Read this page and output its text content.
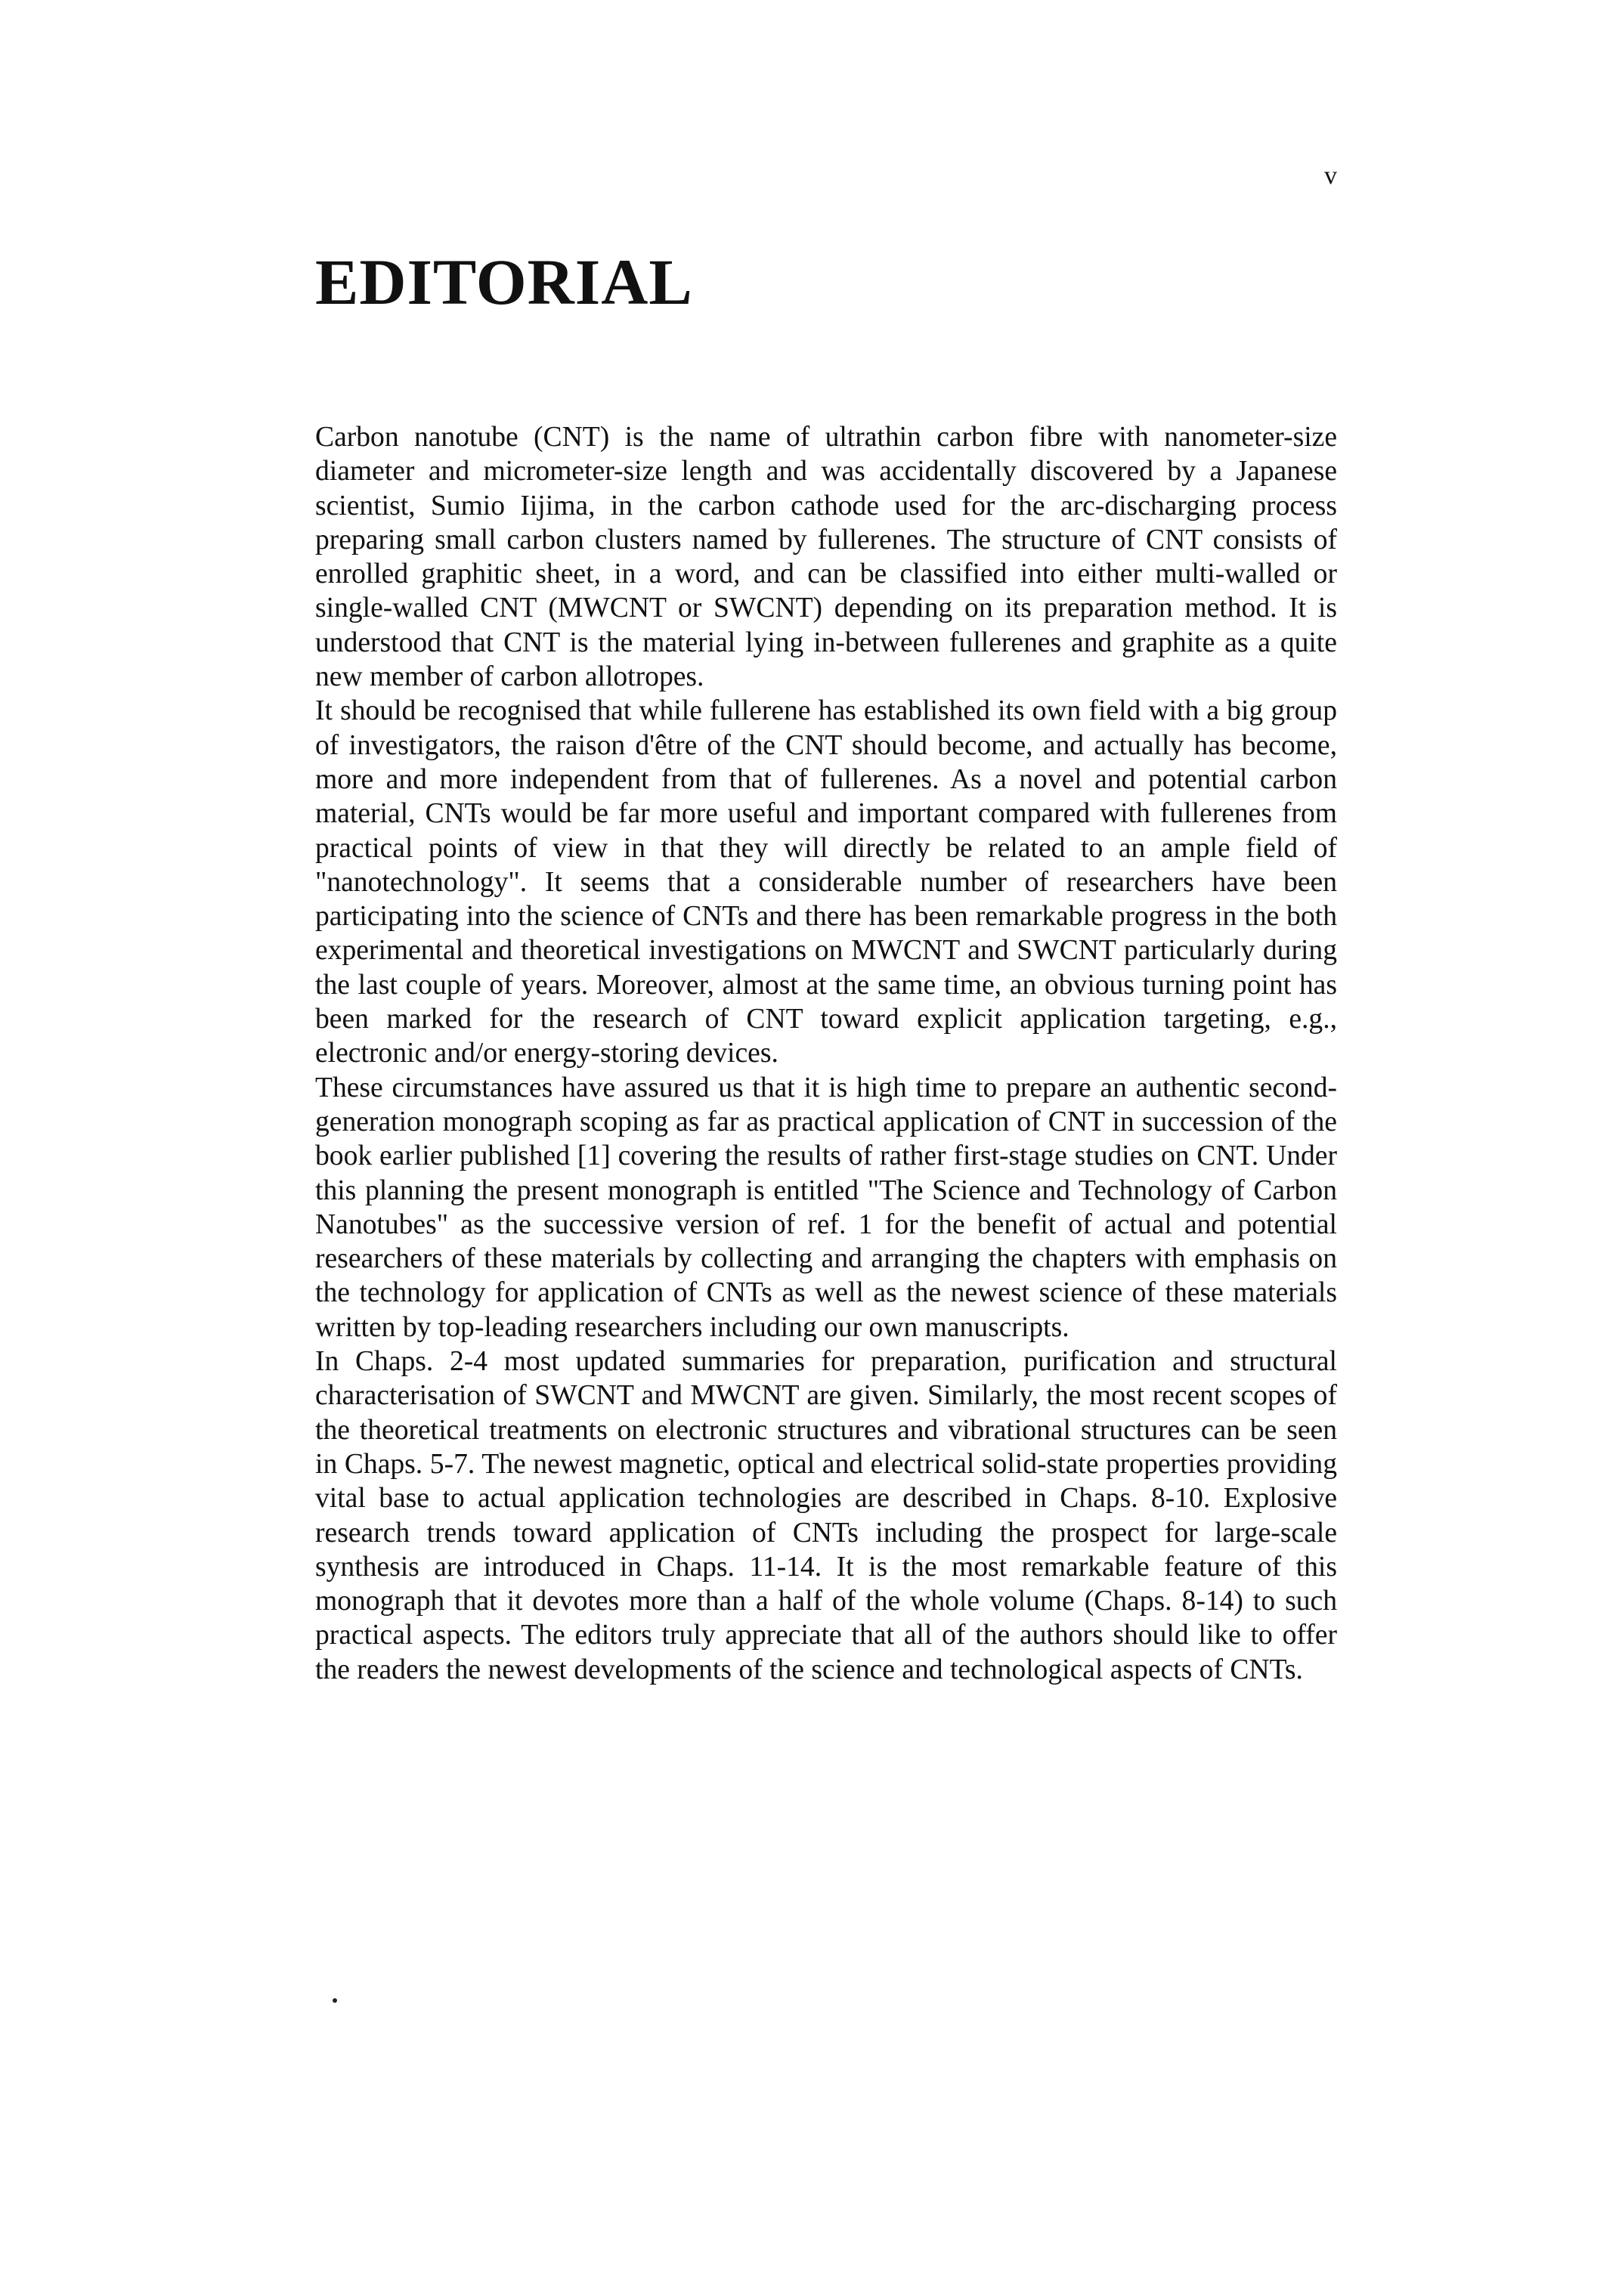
v
EDITORIAL

Carbon nanotube (CNT) is the name of ultrathin carbon fibre with nanometer-size diameter and micrometer-size length and was accidentally discovered by a Japanese scientist, Sumio Iijima, in the carbon cathode used for the arc-discharging process preparing small carbon clusters named by fullerenes. The structure of CNT consists of enrolled graphitic sheet, in a word, and can be classified into either multi-walled or single-walled CNT (MWCNT or SWCNT) depending on its preparation method. It is understood that CNT is the material lying in-between fullerenes and graphite as a quite new member of carbon allotropes.

It should be recognised that while fullerene has established its own field with a big group of investigators, the raison d'être of the CNT should become, and actually has become, more and more independent from that of fullerenes. As a novel and potential carbon material, CNTs would be far more useful and important compared with fullerenes from practical points of view in that they will directly be related to an ample field of "nanotechnology". It seems that a considerable number of researchers have been participating into the science of CNTs and there has been remarkable progress in the both experimental and theoretical investigations on MWCNT and SWCNT particularly during the last couple of years. Moreover, almost at the same time, an obvious turning point has been marked for the research of CNT toward explicit application targeting, e.g., electronic and/or energy-storing devices.

These circumstances have assured us that it is high time to prepare an authentic second-generation monograph scoping as far as practical application of CNT in succession of the book earlier published [1] covering the results of rather first-stage studies on CNT. Under this planning the present monograph is entitled "The Science and Technology of Carbon Nanotubes" as the successive version of ref. 1 for the benefit of actual and potential researchers of these materials by collecting and arranging the chapters with emphasis on the technology for application of CNTs as well as the newest science of these materials written by top-leading researchers including our own manuscripts.

In Chaps. 2-4 most updated summaries for preparation, purification and structural characterisation of SWCNT and MWCNT are given. Similarly, the most recent scopes of the theoretical treatments on electronic structures and vibrational structures can be seen in Chaps. 5-7. The newest magnetic, optical and electrical solid-state properties providing vital base to actual application technologies are described in Chaps. 8-10. Explosive research trends toward application of CNTs including the prospect for large-scale synthesis are introduced in Chaps. 11-14. It is the most remarkable feature of this monograph that it devotes more than a half of the whole volume (Chaps. 8-14) to such practical aspects. The editors truly appreciate that all of the authors should like to offer the readers the newest developments of the science and technological aspects of CNTs.
